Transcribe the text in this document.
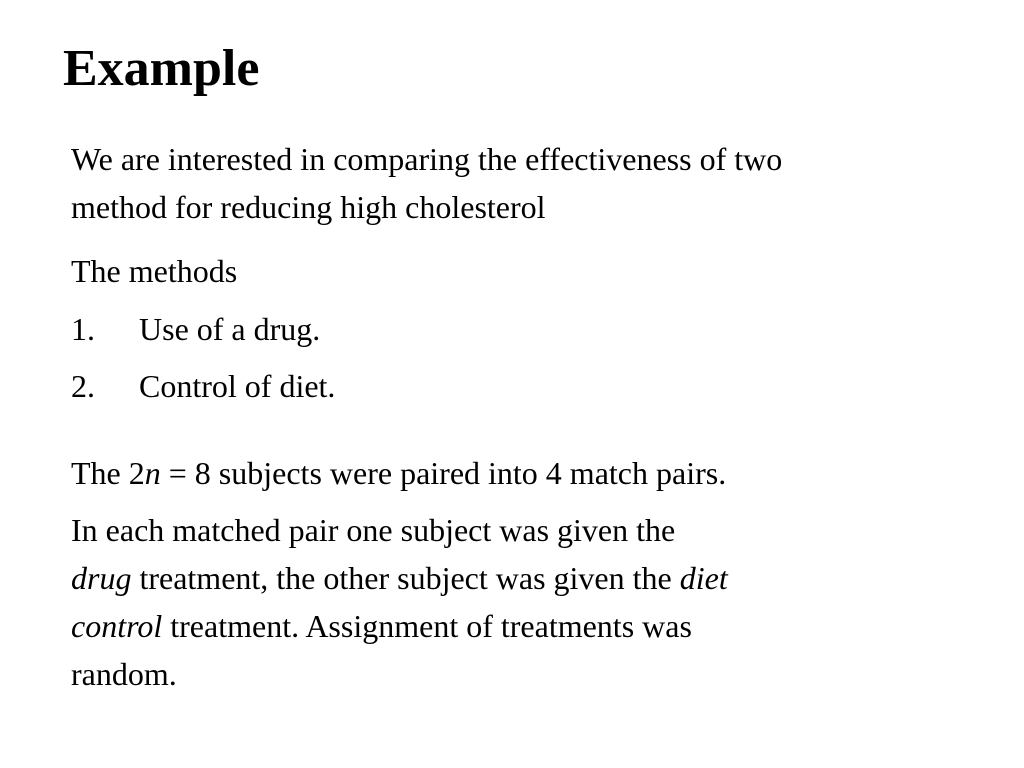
Example
We are interested in comparing the effectiveness of two
method for reducing high cholesterol
The methods
1. Use of a drug.
2. Control of diet.
The 2n = 8 subjects were paired into 4 match pairs.
In each matched pair one subject was given the
drug treatment, the other subject was given the diet
control treatment. Assignment of treatments was
random.
